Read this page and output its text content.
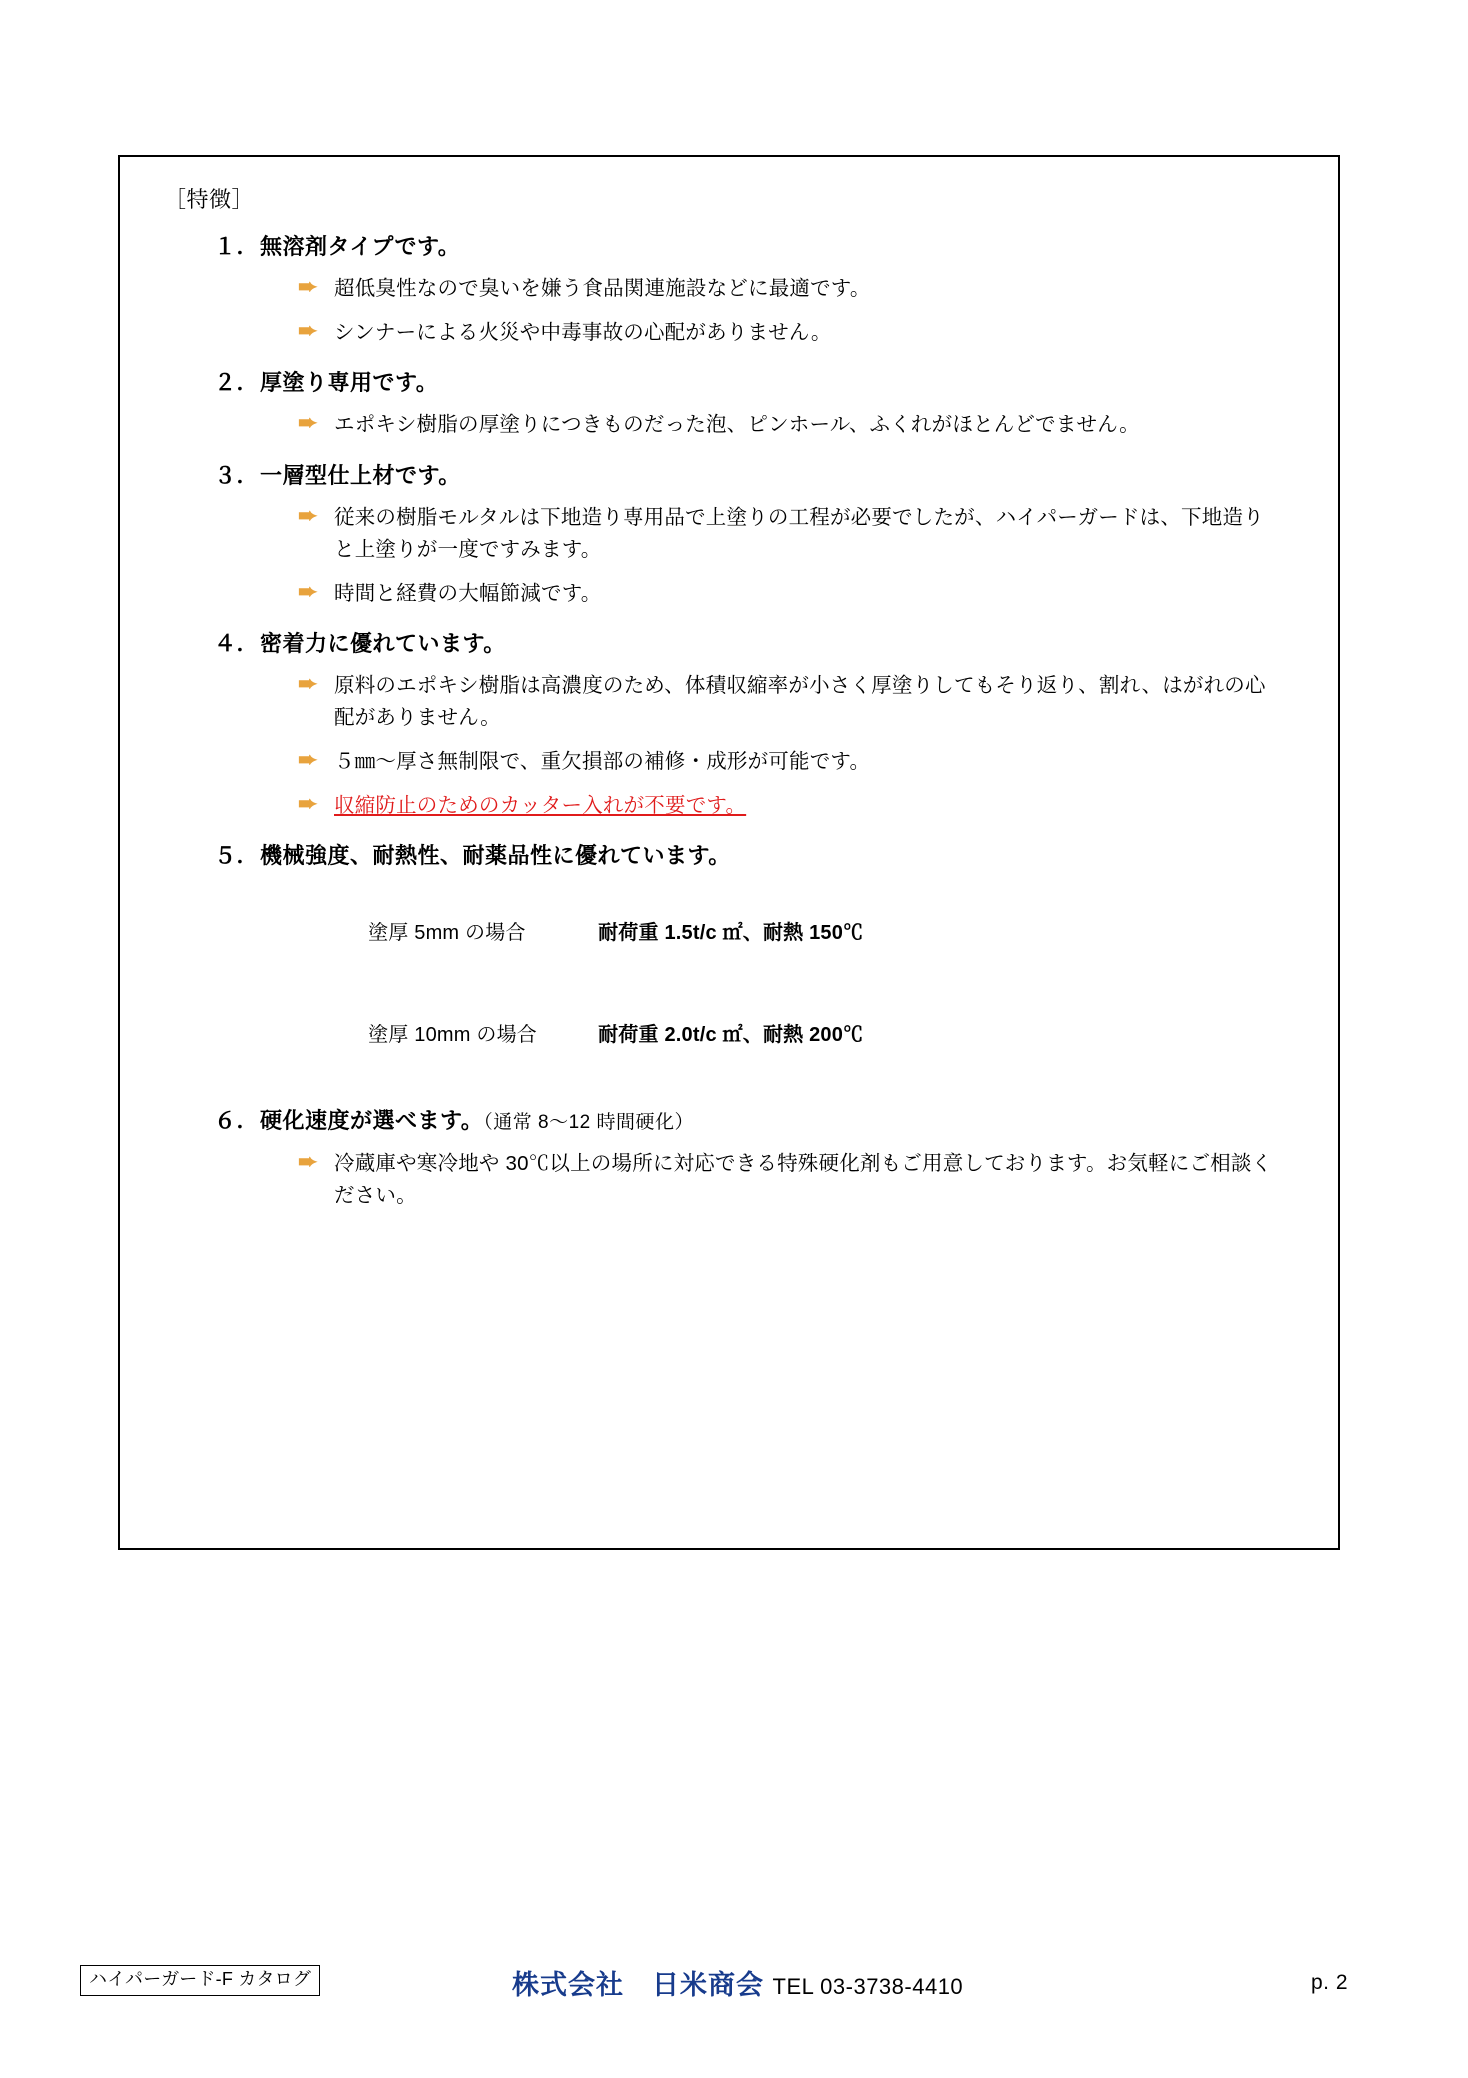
［特徴］
１．無溶剤タイプです。
➨ 超低臭性なので臭いを嫌う食品関連施設などに最適です。
➨ シンナーによる火災や中毒事故の心配がありません。
２．厚塗り専用です。
➨ エポキシ樹脂の厚塗りにつきものだった泡、ピンホール、ふくれがほとんどでません。
３．一層型仕上材です。
➨ 従来の樹脂モルタルは下地造り専用品で上塗りの工程が必要でしたが、ハイパーガードは、下地造りと上塗りが一度ですみます。
➨ 時間と経費の大幅節減です。
４．密着力に優れています。
➨ 原料のエポキシ樹脂は高濃度のため、体積収縮率が小さく厚塗りしてもそり返り、割れ、はがれの心配がありません。
➨ ５㎜～厚さ無制限で、重欠損部の補修・成形が可能です。
➨ 収縮防止のためのカッター入れが不要です。
５．機械強度、耐熱性、耐薬品性に優れています。

塗厚 5mm の場合	耐荷重 1.5t/c ㎡、耐熱 150℃

塗厚 10mm の場合	耐荷重 2.0t/c ㎡、耐熱 200℃

６．硬化速度が選べます。（通常 8～12 時間硬化）
➨ 冷蔵庫や寒冷地や 30℃以上の場所に対応できる特殊硬化剤もご用意しております。お気軽にご相談ください。
ハイパーガード-F カタログ	株式会社　日米商会 TEL 03-3738-4410	p. 2
